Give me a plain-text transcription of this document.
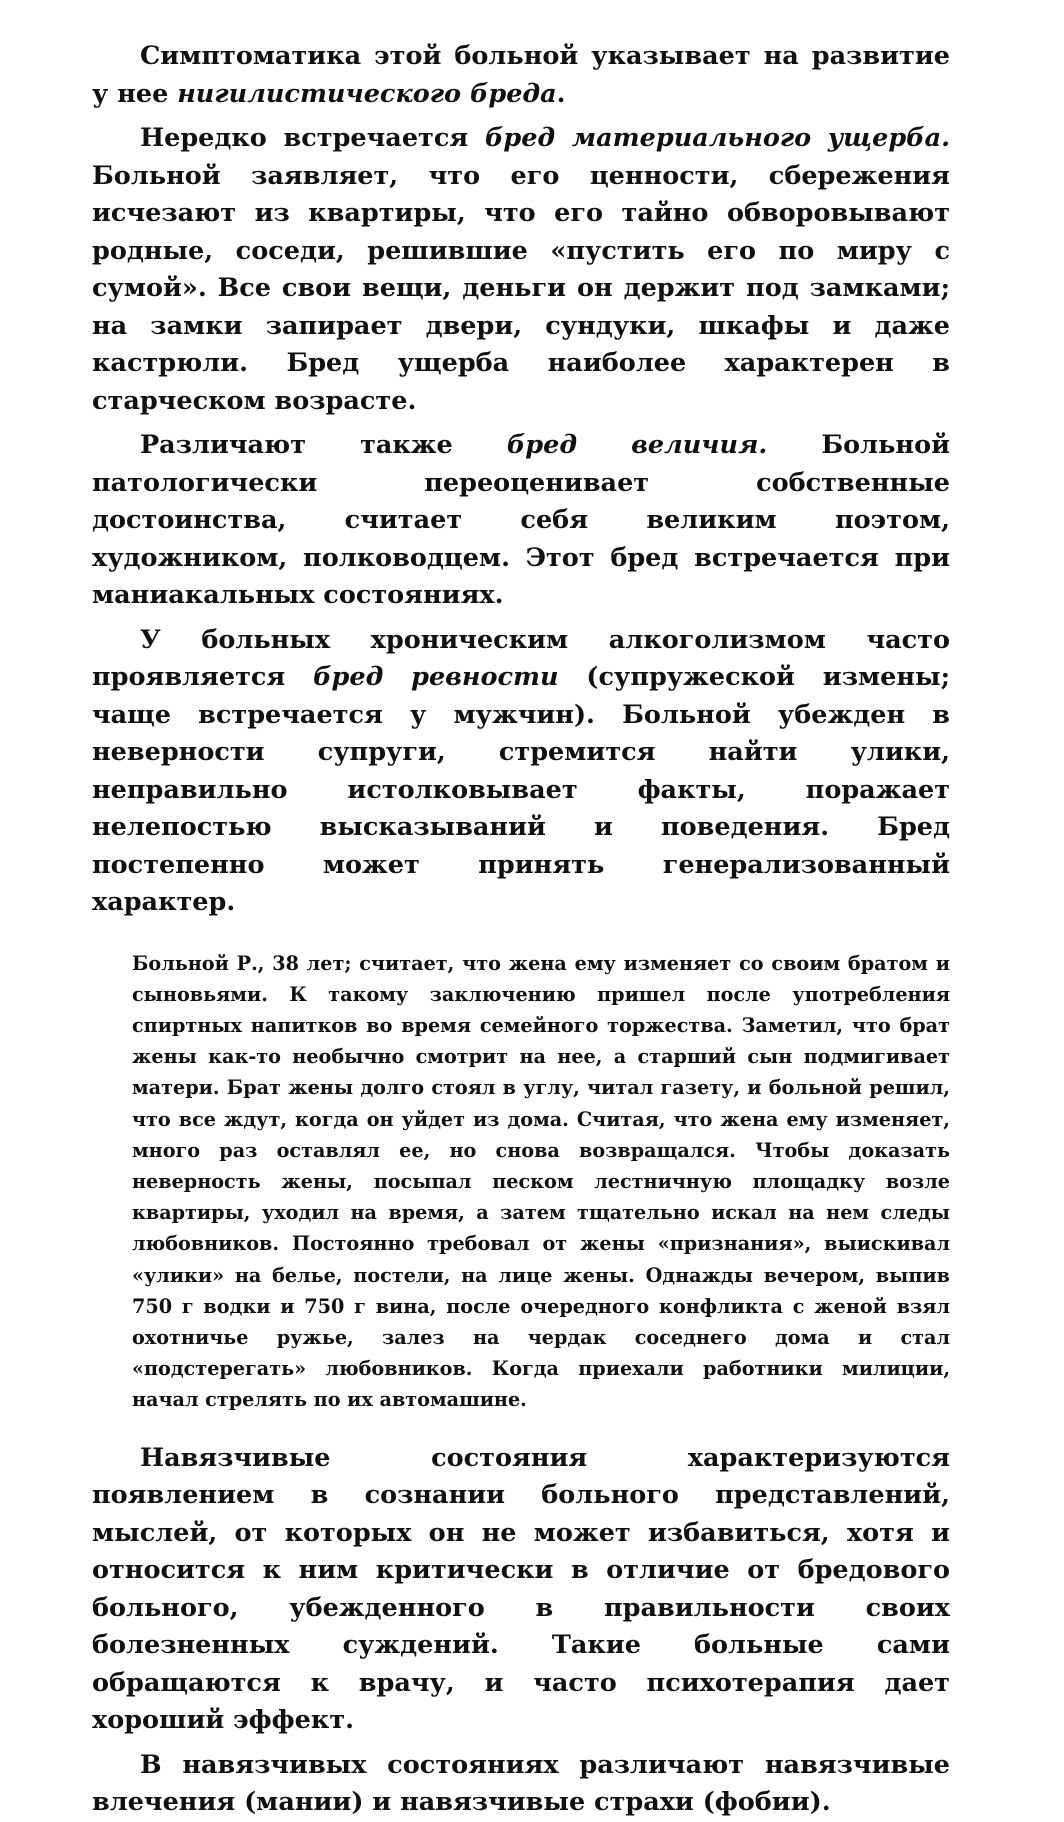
Симптоматика этой больной указывает на развитие у нее нигилистического бреда.

Нередко встречается бред материального ущерба. Больной заявляет, что его ценности, сбережения исчезают из квартиры, что его тайно обворовывают родные, соседи, решившие «пустить его по миру с сумой». Все свои вещи, деньги он держит под замками; на замки запирает двери, сундуки, шкафы и даже кастрюли. Бред ущерба наиболее характерен в старческом возрасте.

Различают также бред величия. Больной патологически переоценивает собственные достоинства, считает себя великим поэтом, художником, полководцем. Этот бред встречается при маниакальных состояниях.

У больных хроническим алкоголизмом часто проявляется бред ревности (супружеской измены; чаще встречается у мужчин). Больной убежден в неверности супруги, стремится найти улики, неправильно истолковывает факты, поражает нелепостью высказываний и поведения. Бред постепенно может принять генерализованный характер.

Больной Р., 38 лет; считает, что жена ему изменяет со своим братом и сыновьями. К такому заключению пришел после употребления спиртных напитков во время семейного торжества. Заметил, что брат жены как-то необычно смотрит на нее, а старший сын подмигивает матери. Брат жены долго стоял в углу, читал газету, и больной решил, что все ждут, когда он уйдет из дома. Считая, что жена ему изменяет, много раз оставлял ее, но снова возвращался. Чтобы доказать неверность жены, посыпал песком лестничную площадку возле квартиры, уходил на время, а затем тщательно искал на нем следы любовников. Постоянно требовал от жены «признания», выискивал «улики» на белье, постели, на лице жены. Однажды вечером, выпив 750 г водки и 750 г вина, после очередного конфликта с женой взял охотничье ружье, залез на чердак соседнего дома и стал «подстерегать» любовников. Когда приехали работники милиции, начал стрелять по их автомашине.

Навязчивые состояния характеризуются появлением в сознании больного представлений, мыслей, от которых он не может избавиться, хотя и относится к ним критически в отличие от бредового больного, убежденного в правильности своих болезненных суждений. Такие больные сами обращаются к врачу, и часто психотерапия дает хороший эффект.

В навязчивых состояниях различают навязчивые влечения (мании) и навязчивые страхи (фобии).
